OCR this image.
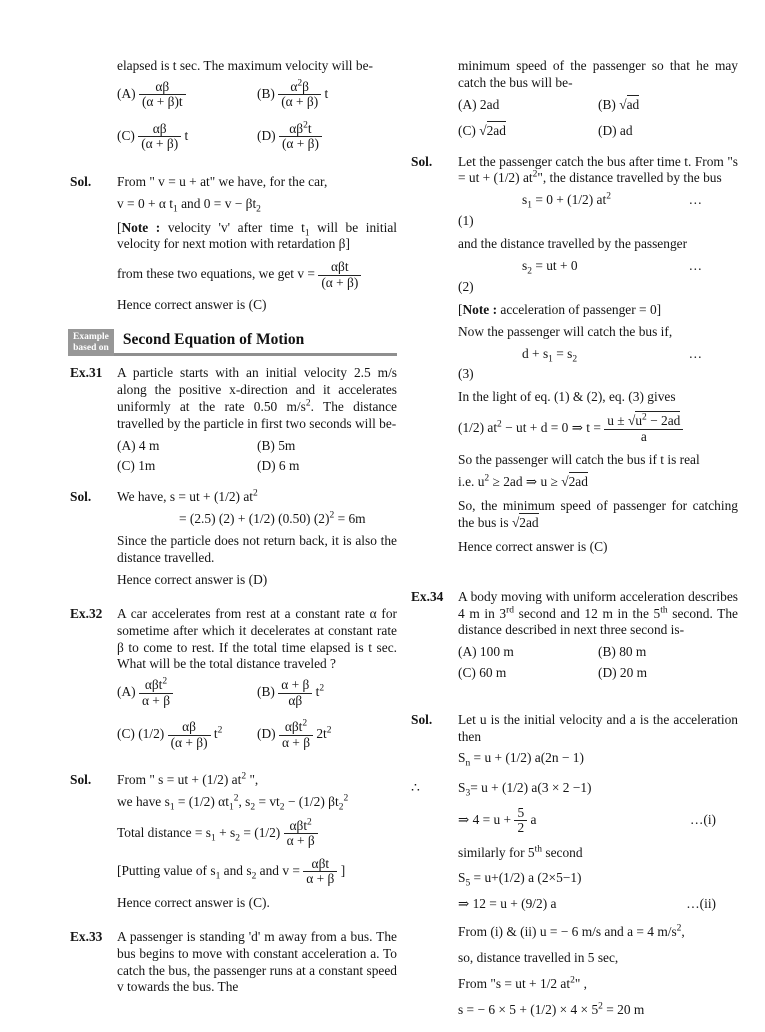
elapsed is t sec. The maximum velocity will be-

$(A) \frac{\alpha\beta}{(\alpha + \beta)t}$	$(B) \frac{\alpha^2\beta}{(\alpha + \beta)}$ t
$(C) \frac{\alpha\beta}{(\alpha + \beta)}$ t	$(D) \frac{\alpha\beta^2t}{(\alpha + \beta)}$
Sol.	From " v = u + at" we have, for the car,

v = 0 + α $t_1$ and $0 = v - \beta t_2$

[Note : velocity 'v' after time $t_1$ will be initial velocity for next motion with retardation β]

from these two equations, we get $v = \frac{\text{αβt}}{(\alpha + \beta)}$

Hence correct answer is (C)

Example
based on Second Equation of Motion
Ex.31	A particle starts with an initial velocity 2.5 m/s along the positive x-direction and it accelerates uniformly at the rate 0.50 $m/s^2$. The distance travelled by the particle in first two seconds will be-

(A) 4 m	(B) 5m
(C) 1m	(D) 6 m
Sol.	We have, s = ut + (1/2) $at^2$

= (2.5) (2) + (1/2) (0.50) $(2)^2 = 6m$

Since the particle does not return back, it is also the distance travelled.

Hence correct answer is (D)

Ex.32	A car accelerates from rest at a constant rate α for sometime after which it decelerates at constant rate β to come to rest. If the total time elapsed is t sec. What will be the total distance traveled ?

$(A) \frac{\alpha\beta t^2}{\alpha + \beta}$	$(B) \frac{\alpha + \beta}{\alpha\beta} t^2$
(C) $(1/2) \frac{\alpha\beta}{(\alpha + \beta)} t^2$	$(D) \frac{\alpha\beta t^2}{\alpha + \beta} 2t^2$
Sol.	From " s = ut + (1/2) $at^2$ ",

we have $s_1 = (1/2)$ $\alpha t_1^2$, $s_2 = vt_2 - (1/2)$ $\beta t_2^2$

Total distance = $s_1 + s_2 = (1/2) \frac{\alpha\beta t^2}{\alpha + \beta}$

[Putting value of $s_1$ and $s_2$ and $v = \frac{\text{αβt}}{\alpha + \beta}$ ]

Hence correct answer is (C).

Ex.33	A passenger is standing 'd' m away from a bus. The bus begins to move with constant acceleration a. To catch the bus, the passenger runs at a constant speed v towards the bus. The

minimum speed of the passenger so that he may catch the bus will be-

(A) 2ad	(B) √ad
(C) √2ad	(D) ad
Sol.	Let the passenger catch the bus after time t. From "s = ut + (1/2) $at^2$", the distance travelled by the bus

$s_1 = 0 + (1/2)$ $at^2$	…

(1)

and the distance travelled by the passenger

$s_2$ = ut + 0	…

(2)

[Note : acceleration of passenger = 0]

Now the passenger will catch the bus if,

$d + s_1 = s_2$	…

(3)

In the light of eq. (1) & (2), eq. (3) gives

(1/2) $at^2$ − ut + d = 0 ⇒ $t = \frac{u \pm √u^2 - 2ad}{a}$

So the passenger will catch the bus if t is real

i.e. $u^2 \ge 2ad$ ⇒ u ≥ √2ad

So, the minimum speed of passenger for catching the bus is √2ad

Hence correct answer is (C)

Ex.34	A body moving with uniform acceleration describes 4 m in 3rd second and 12 m in the 5th second. The distance described in next three second is-

(A) 100 m	(B) 80 m
(C) 60 m	(D) 20 m
Sol.	Let u is the initial velocity and a is the acceleration then

$S_n = u + (1/2) a(2n - 1)$

∴	$S_3= u + (1/2) a(3 \times 2 -1)$

⇒ $4 = u + \frac{5}{2}$ a	…(i)

similarly for 5th second

$S_5 = u+(1/2)$ a (2×5−1)

⇒ 12 = u + (9/2) a	…(ii)

From (i) & (ii) u = − 6 m/s and a = 4 $m/s^2$,

so, distance travelled in 5 sec,

From "s = ut + 1/2 $at^2$" ,

s = − $6 \times 5 + (1/2) \times 4 \times 5^2 = 20$ m
